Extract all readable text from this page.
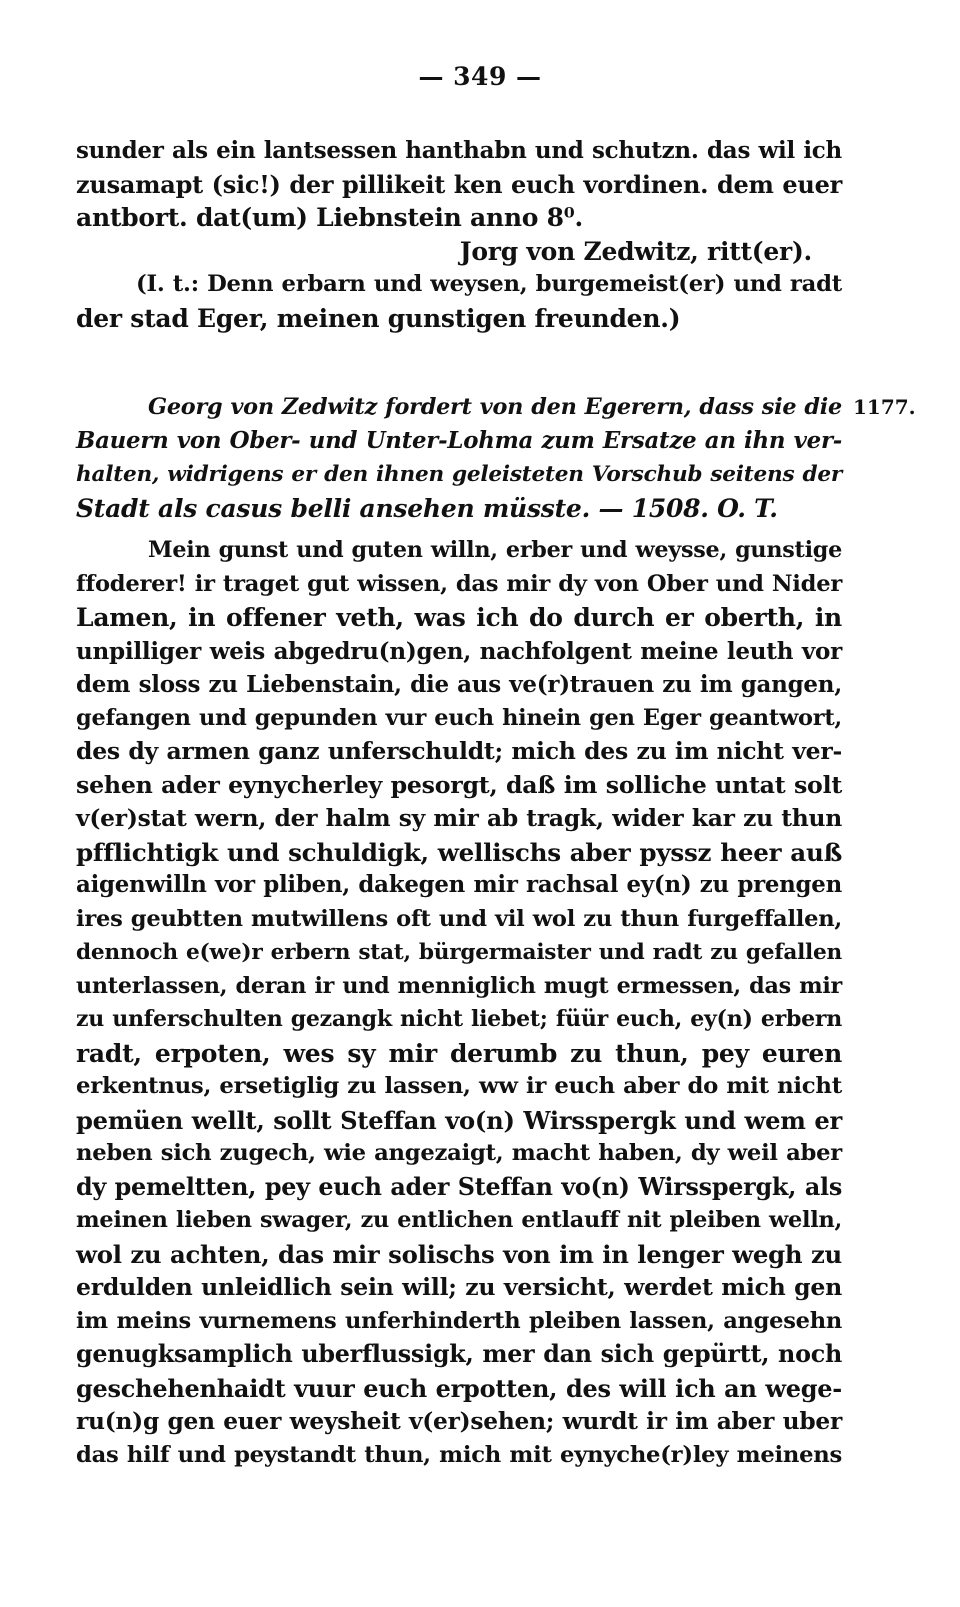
— 349 —
sunder als ein lantsessen hanthabn und schutzn. das wil ich
zusamapt (sic!) der pillikeit ken euch vordinen. dem euer
antbort. dat(um) Liebnstein anno 8⁰.
Jorg von Zedwitz, ritt(er).
(I. t.: Denn erbarn und weysen, burgemeist(er) und radt
der stad Eger, meinen gunstigen freunden.)
1177.
Georg von Zedwitz fordert von den Egerern, dass sie die
Bauern von Ober- und Unter-Lohma zum Ersatze an ihn ver-
halten, widrigens er den ihnen geleisteten Vorschub seitens der
Stadt als casus belli ansehen müsste. — 1508. O. T.
Mein gunst und guten willn, erber und weysse, gunstige
ffoderer! ir traget gut wissen, das mir dy von Ober und Nider
Lamen, in offener veth, was ich do durch er oberth, in
unpilliger weis abgedru(n)gen, nachfolgent meine leuth vor
dem sloss zu Liebenstain, die aus ve(r)trauen zu im gangen,
gefangen und gepunden vur euch hinein gen Eger geantwort,
des dy armen ganz unferschuldt; mich des zu im nicht ver-
sehen ader eynycherley pesorgt, daß im solliche untat solt
v(er)stat wern, der halm sy mir ab tragk, wider kar zu thun
pfflichtigk und schuldigk, wellischs aber pyssz heer auß
aigenwilln vor pliben, dakegen mir rachsal ey(n) zu prengen
ires geubtten mutwillens oft und vil wol zu thun furgeffallen,
dennoch e(we)r erbern stat, bürgermaister und radt zu gefallen
unterlassen, deran ir und menniglich mugt ermessen, das mir
zu unferschulten gezangk nicht liebet; füür euch, ey(n) erbern
radt, erpoten, wes sy mir derumb zu thun, pey euren
erkentnus, ersetiglig zu lassen, ww ir euch aber do mit nicht
pemüen wellt, sollt Steffan vo(n) Wirsspergk und wem er
neben sich zugech, wie angezaigt, macht haben, dy weil aber
dy pemeltten, pey euch ader Steffan vo(n) Wirsspergk, als
meinen lieben swager, zu entlichen entlauff nit pleiben welln,
wol zu achten, das mir solischs von im in lenger wegh zu
erdulden unleidlich sein will; zu versicht, werdet mich gen
im meins vurnemens unferhinderth pleiben lassen, angesehn
genugksamplich uberflussigk, mer dan sich gepürtt, noch
geschehenhaidt vuur euch erpotten, des will ich an wege-
ru(n)g gen euer weysheit v(er)sehen; wurdt ir im aber uber
das hilf und peystandt thun, mich mit eynyche(r)ley meinens
